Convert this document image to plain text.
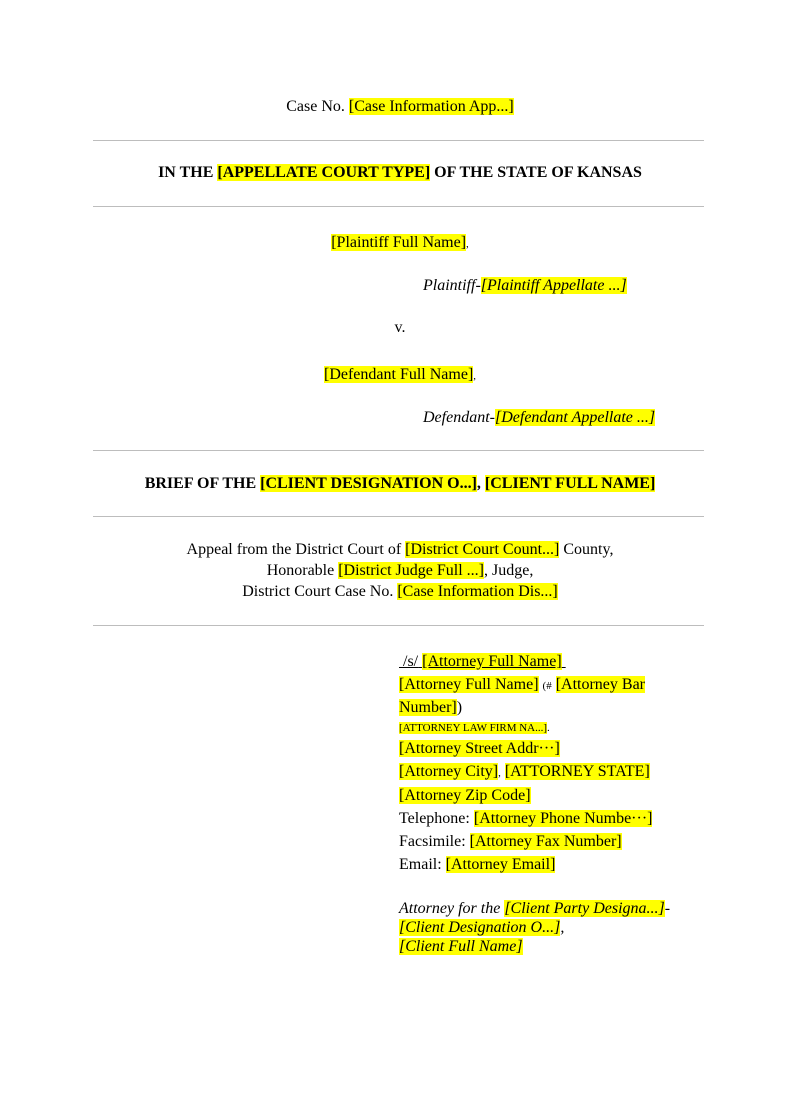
Case No. [Case Information App...]
IN THE [APPELLATE COURT TYPE] OF THE STATE OF KANSAS
[Plaintiff Full Name],
Plaintiff-[Plaintiff Appellate ...]
v.
[Defendant Full Name],
Defendant-[Defendant Appellate ...]
BRIEF OF THE [CLIENT DESIGNATION O...], [CLIENT FULL NAME]
Appeal from the District Court of [District Court Count...] County,
Honorable [District Judge Full ...], Judge,
District Court Case No. [Case Information Dis...]
/s/ [Attorney Full Name]
[Attorney Full Name] (# [Attorney Bar
Number])
[ATTORNEY LAW FIRM NA...].
[Attorney Street Addr···]
[Attorney City], [ATTORNEY STATE]
[Attorney Zip Code]
Telephone: [Attorney Phone Numbe···]
Facsimile: [Attorney Fax Number]
Email: [Attorney Email]
Attorney for the [Client Party Designa...]-
[Client Designation O...],
[Client Full Name]
